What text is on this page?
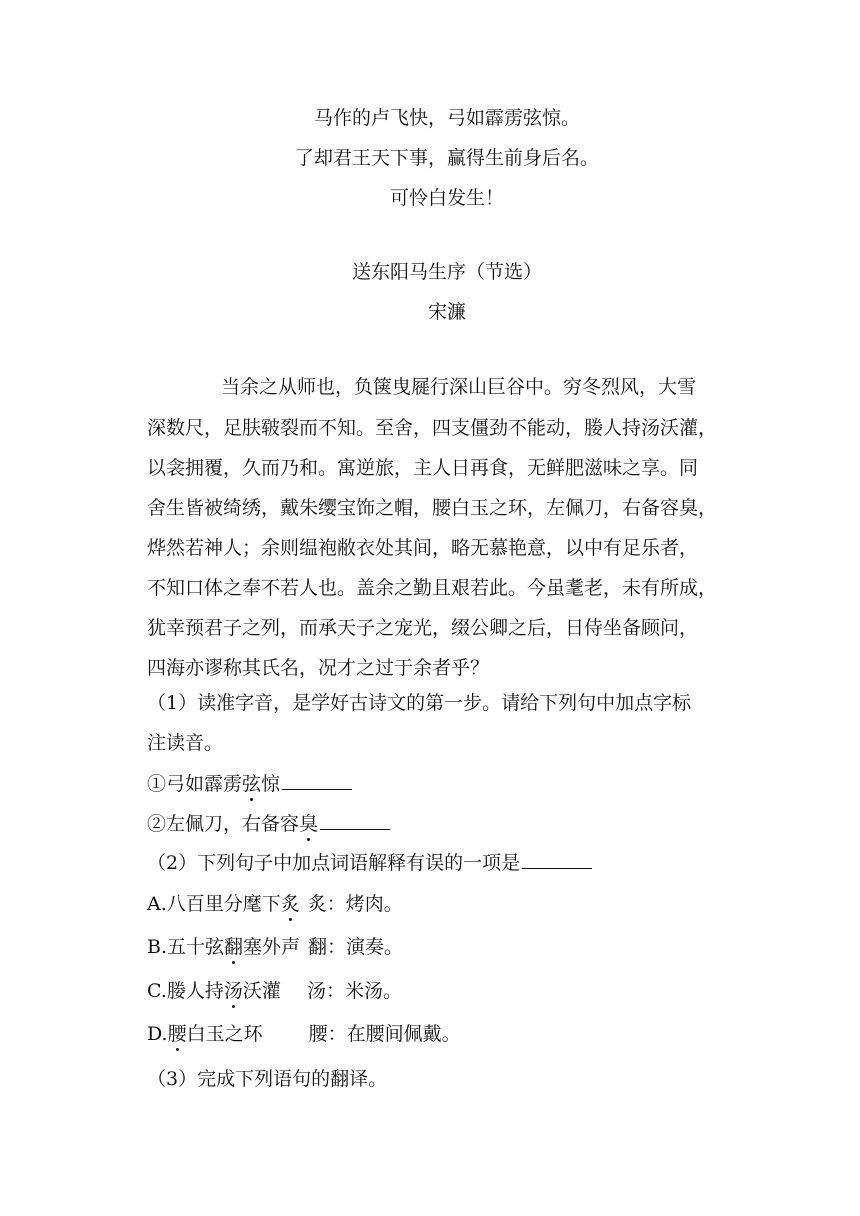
马作的卢飞快，弓如霹雳弦惊。
了却君王天下事，赢得生前身后名。
可怜白发生！
送东阳马生序（节选）
宋濂
当余之从师也，负箧曳屣行深山巨谷中。穷冬烈风，大雪
深数尺，足肤皲裂而不知。至舍，四支僵劲不能动，媵人持汤沃灌，
以衾拥覆，久而乃和。寓逆旅，主人日再食，无鲜肥滋味之享。同
舍生皆被绮绣，戴朱缨宝饰之帽，腰白玉之环，左佩刀，右备容臭，
烨然若神人；余则缊袍敝衣处其间，略无慕艳意，以中有足乐者，
不知口体之奉不若人也。盖余之勤且艰若此。今虽耄老，未有所成，
犹幸预君子之列，而承天子之宠光，缀公卿之后，日侍坐备顾问，
四海亦谬称其氏名，况才之过于余者乎？
（1）读准字音，是学好古诗文的第一步。请给下列句中加点字标
注读音。
①弓如霹雳弦惊
②左佩刀，右备容臭
（2）下列句子中加点词语解释有误的一项是
A.八百里分麾下炙 炙：烤肉。
B.五十弦翻塞外声 翻：演奏。
C.媵人持汤沃灌 汤：米汤。
D.腰白玉之环 腰：在腰间佩戴。
（3）完成下列语句的翻译。
